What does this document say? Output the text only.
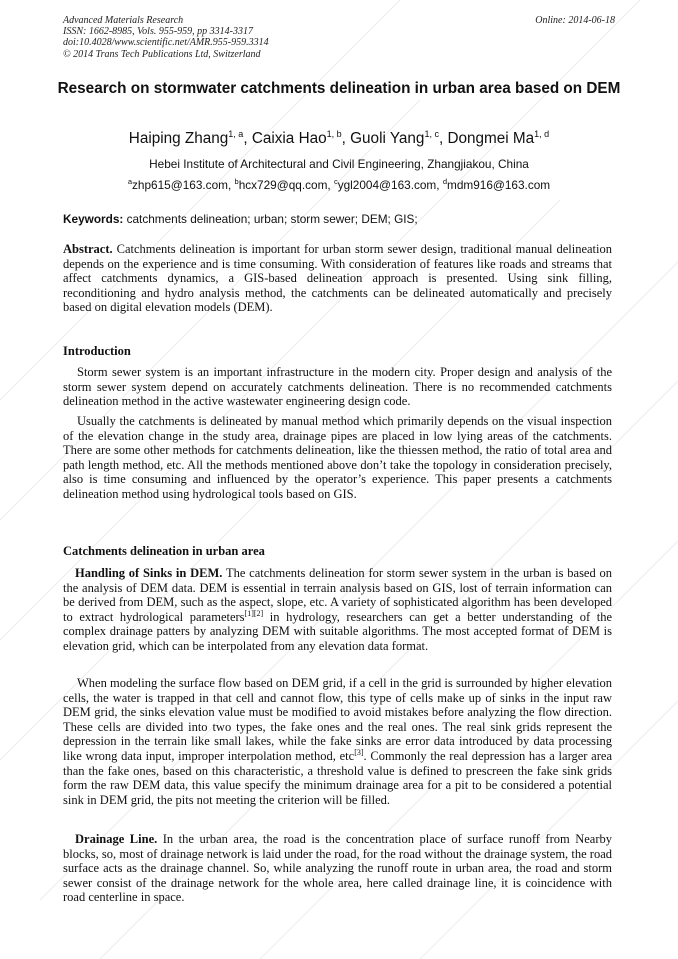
Advanced Materials Research
ISSN: 1662-8985, Vols. 955-959, pp 3314-3317
doi:10.4028/www.scientific.net/AMR.955-959.3314
© 2014 Trans Tech Publications Ltd, Switzerland
Online: 2014-06-18
Research on stormwater catchments delineation in urban area based on DEM
Haiping Zhang$^{1, a}$, Caixia Hao$^{1, b}$, Guoli Yang$^{1, c}$, Dongmei Ma$^{1, d}$
Hebei Institute of Architectural and Civil Engineering, Zhangjiakou, China
$^a$zhp615@163.com, $^b$hcx729@qq.com, $^c$ygl2004@163.com, $^d$mdm916@163.com
Keywords: catchments delineation; urban; storm sewer; DEM; GIS;
Abstract. Catchments delineation is important for urban storm sewer design, traditional manual delineation depends on the experience and is time consuming. With consideration of features like roads and streams that affect catchments dynamics, a GIS-based delineation approach is presented. Using sink filling, reconditioning and hydro analysis method, the catchments can be delineated automatically and precisely based on digital elevation models (DEM).
Introduction
Storm sewer system is an important infrastructure in the modern city. Proper design and analysis of the storm sewer system depend on accurately catchments delineation. There is no recommended catchments delineation method in the active wastewater engineering design code.
Usually the catchments is delineated by manual method which primarily depends on the visual inspection of the elevation change in the study area, drainage pipes are placed in low lying areas of the catchments. There are some other methods for catchments delineation, like the thiessen method, the ratio of total area and path length method, etc. All the methods mentioned above don’t take the topology in consideration precisely, also is time consuming and influenced by the operator’s experience. This paper presents a catchments delineation method using hydrological tools based on GIS.
Catchments delineation in urban area
Handling of Sinks in DEM. The catchments delineation for storm sewer system in the urban is based on the analysis of DEM data. DEM is essential in terrain analysis based on GIS, lost of terrain information can be derived from DEM, such as the aspect, slope, etc. A variety of sophisticated algorithm has been developed to extract hydrological parameters[1][2] in hydrology, researchers can get a better understanding of the complex drainage patters by analyzing DEM with suitable algorithms. The most accepted format of DEM is elevation grid, which can be interpolated from any elevation data format.
When modeling the surface flow based on DEM grid, if a cell in the grid is surrounded by higher elevation cells, the water is trapped in that cell and cannot flow, this type of cells make up of sinks in the input raw DEM grid, the sinks elevation value must be modified to avoid mistakes before analyzing the flow direction. These cells are divided into two types, the fake ones and the real ones. The real sink grids represent the depression in the terrain like small lakes, while the fake sinks are error data introduced by data processing like wrong data input, improper interpolation method, etc[3]. Commonly the real depression has a larger area than the fake ones, based on this characteristic, a threshold value is defined to prescreen the fake sink grids form the raw DEM data, this value specify the minimum drainage area for a pit to be considered a potential sink in DEM grid, the pits not meeting the criterion will be filled.
Drainage Line. In the urban area, the road is the concentration place of surface runoff from Nearby blocks, so, most of drainage network is laid under the road, for the road without the drainage system, the road surface acts as the drainage channel. So, while analyzing the runoff route in urban area, the road and storm sewer consist of the drainage network for the whole area, here called drainage line, it is coincidence with road centerline in space.
